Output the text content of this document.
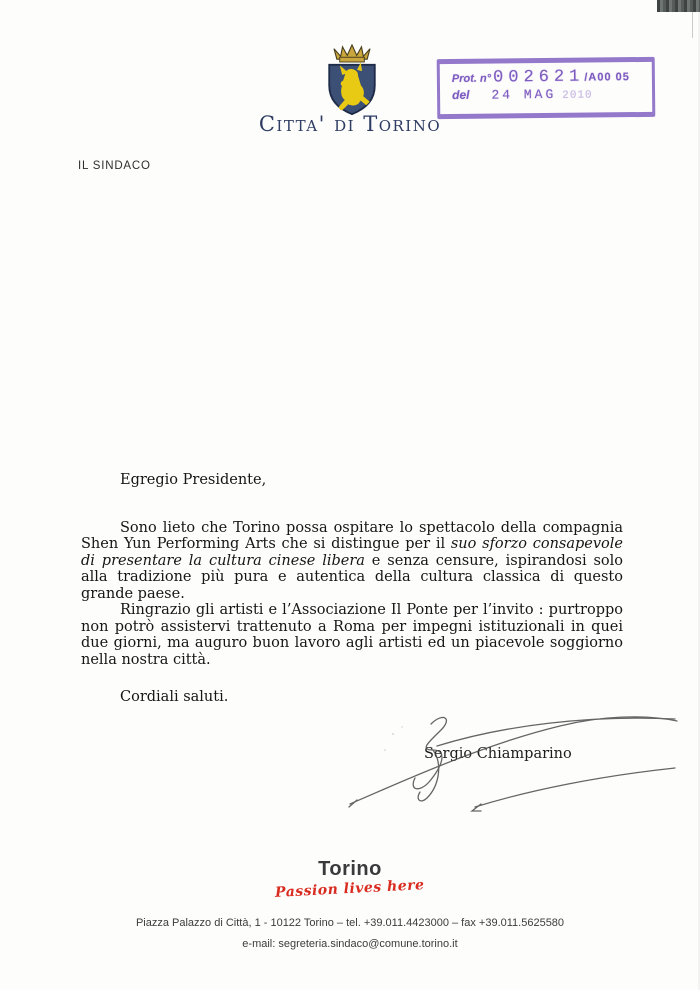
Citta' di Torino
Prot. n° 002621 /A00 05
del 24 MAG 2010
IL SINDACO

Egregio Presidente,

Sono lieto che Torino possa ospitare lo spettacolo della compagnia Shen Yun Performing Arts che si distingue per il suo sforzo consapevole di presentare la cultura cinese libera e senza censure, ispirandosi solo alla tradizione più pura e autentica della cultura classica di questo grande paese.

Ringrazio gli artisti e l’Associazione Il Ponte per l’invito : purtroppo non potrò assistervi trattenuto a Roma per impegni istituzionali in quei due giorni, ma auguro buon lavoro agli artisti ed un piacevole soggiorno nella nostra città.

Cordiali saluti.

Sergio Chiamparino
Torino
Passion lives here
Piazza Palazzo di Città, 1 - 10122 Torino – tel. +39.011.4423000 – fax +39.011.5625580
e-mail: segreteria.sindaco@comune.torino.it
